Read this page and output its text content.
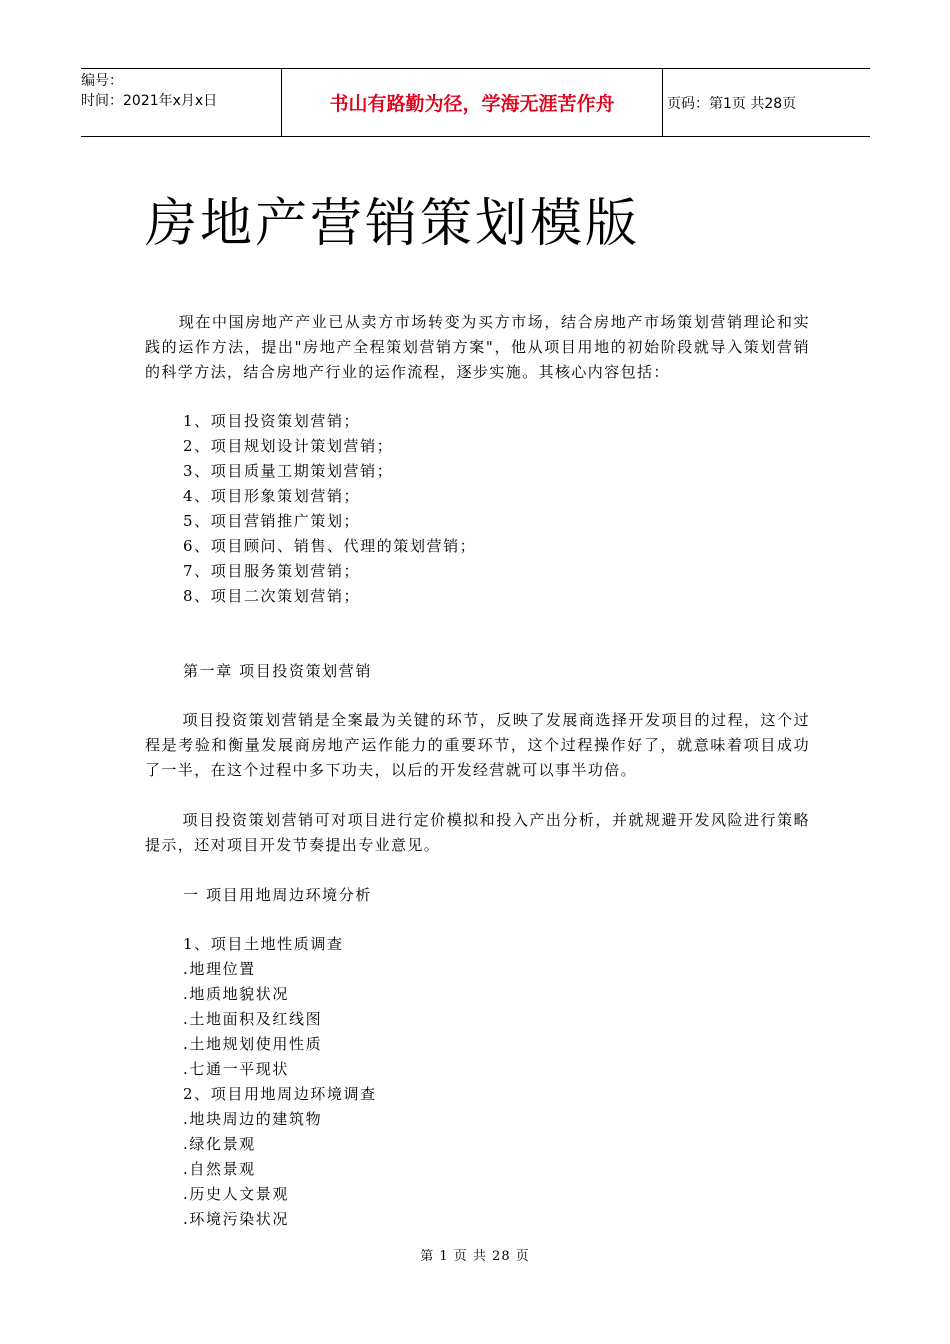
编号：
时间：2021年x月x日	书山有路勤为径，学海无涯苦作舟	页码：第1页 共28页
房地产营销策划模版

现在中国房地产产业已从卖方市场转变为买方市场，结合房地产市场策划营销理论和实践的运作方法，提出"房地产全程策划营销方案"，他从项目用地的初始阶段就导入策划营销的科学方法，结合房地产行业的运作流程，逐步实施。其核心内容包括：

1、项目投资策划营销；
2、项目规划设计策划营销；
3、项目质量工期策划营销；
4、项目形象策划营销；
5、项目营销推广策划；
6、项目顾问、销售、代理的策划营销；
7、项目服务策划营销；
8、项目二次策划营销；
第一章 项目投资策划营销

项目投资策划营销是全案最为关键的环节，反映了发展商选择开发项目的过程，这个过程是考验和衡量发展商房地产运作能力的重要环节，这个过程操作好了，就意味着项目成功了一半，在这个过程中多下功夫，以后的开发经营就可以事半功倍。

项目投资策划营销可对项目进行定价模拟和投入产出分析，并就规避开发风险进行策略提示，还对项目开发节奏提出专业意见。

一 项目用地周边环境分析
1、项目土地性质调查
.地理位置
.地质地貌状况
.土地面积及红线图
.土地规划使用性质
.七通一平现状
2、项目用地周边环境调查
.地块周边的建筑物
.绿化景观
.自然景观
.历史人文景观
.环境污染状况
第 1 页 共 28 页
